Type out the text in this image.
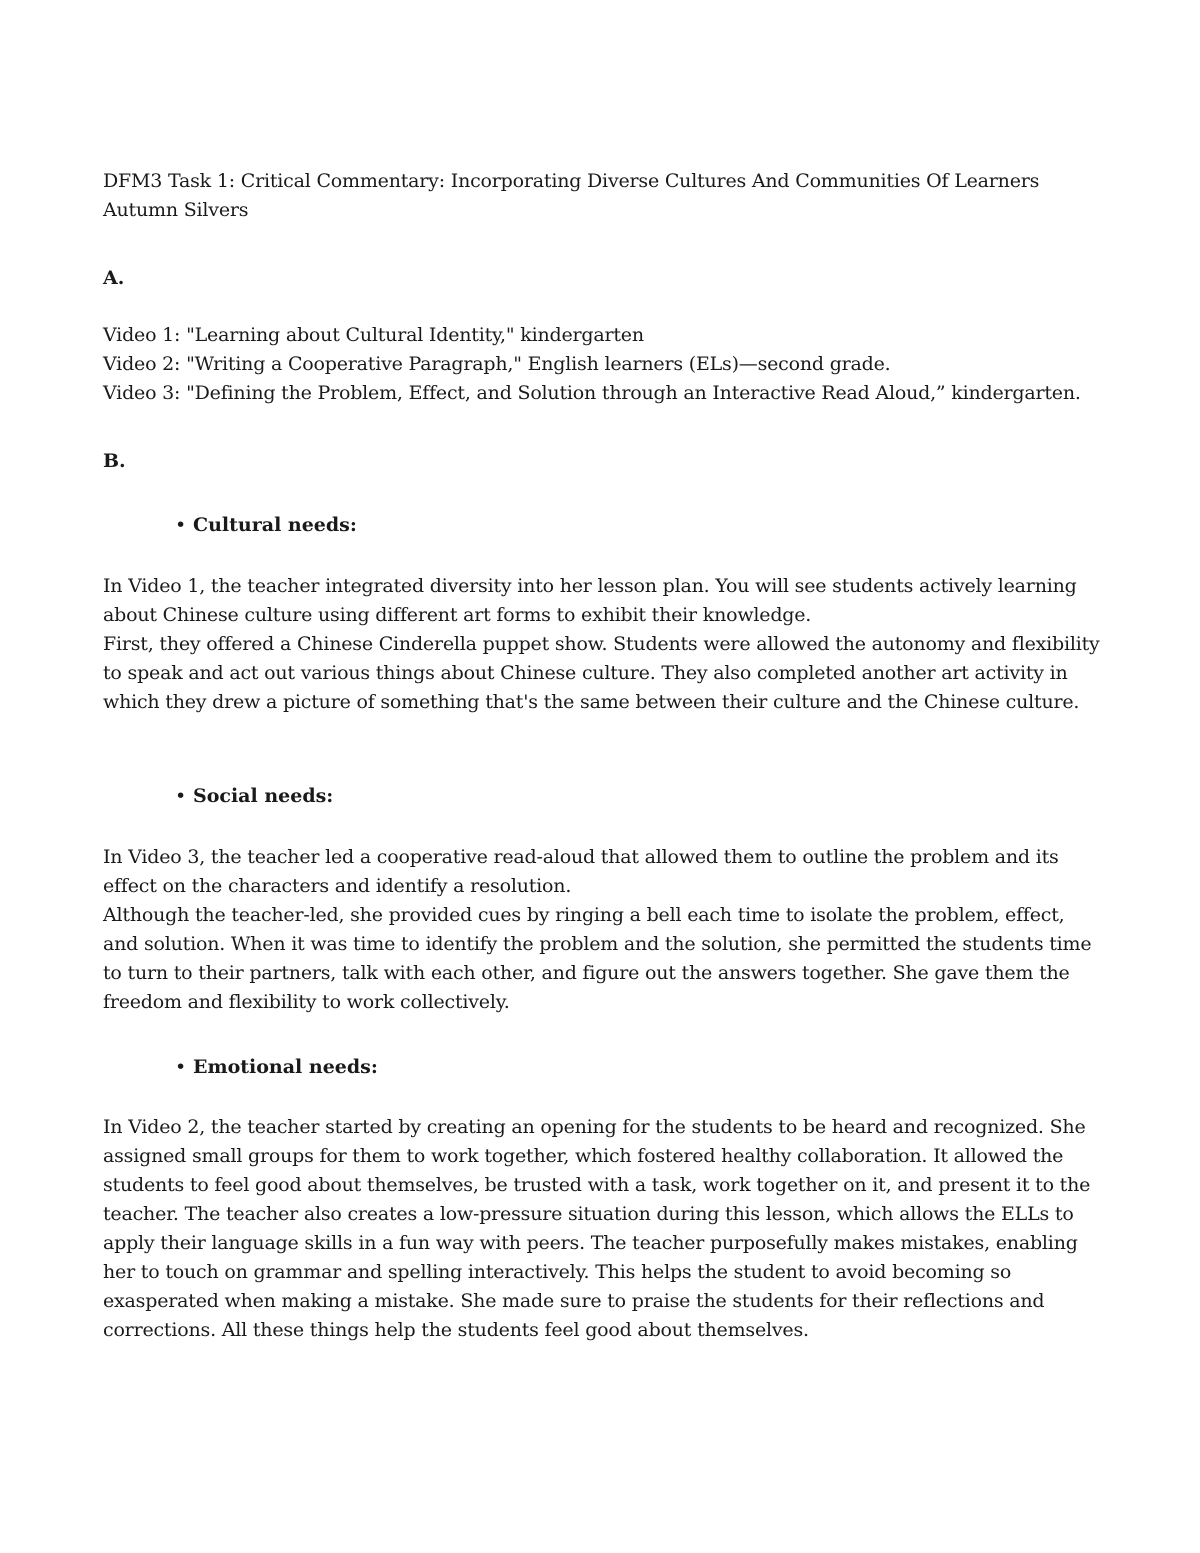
DFM3 Task 1: Critical Commentary: Incorporating Diverse Cultures And Communities Of Learners

Autumn Silvers

A.

Video 1: "Learning about Cultural Identity," kindergarten

Video 2: "Writing a Cooperative Paragraph," English learners (ELs)—second grade.

Video 3: "Defining the Problem, Effect, and Solution through an Interactive Read Aloud,” kindergarten.

B.
• Cultural needs:

In Video 1, the teacher integrated diversity into her lesson plan. You will see students actively learning about Chinese culture using different art forms to exhibit their knowledge.

First, they offered a Chinese Cinderella puppet show. Students were allowed the autonomy and flexibility to speak and act out various things about Chinese culture. They also completed another art activity in which they drew a picture of something that's the same between their culture and the Chinese culture.

• Social needs:

In Video 3, the teacher led a cooperative read-aloud that allowed them to outline the problem and its effect on the characters and identify a resolution.

Although the teacher-led, she provided cues by ringing a bell each time to isolate the problem, effect, and solution. When it was time to identify the problem and the solution, she permitted the students time to turn to their partners, talk with each other, and figure out the answers together. She gave them the freedom and flexibility to work collectively.

• Emotional needs:

In Video 2, the teacher started by creating an opening for the students to be heard and recognized. She assigned small groups for them to work together, which fostered healthy collaboration. It allowed the students to feel good about themselves, be trusted with a task, work together on it, and present it to the teacher. The teacher also creates a low-pressure situation during this lesson, which allows the ELLs to apply their language skills in a fun way with peers. The teacher purposefully makes mistakes, enabling her to touch on grammar and spelling interactively. This helps the student to avoid becoming so exasperated when making a mistake. She made sure to praise the students for their reflections and corrections. All these things help the students feel good about themselves.
